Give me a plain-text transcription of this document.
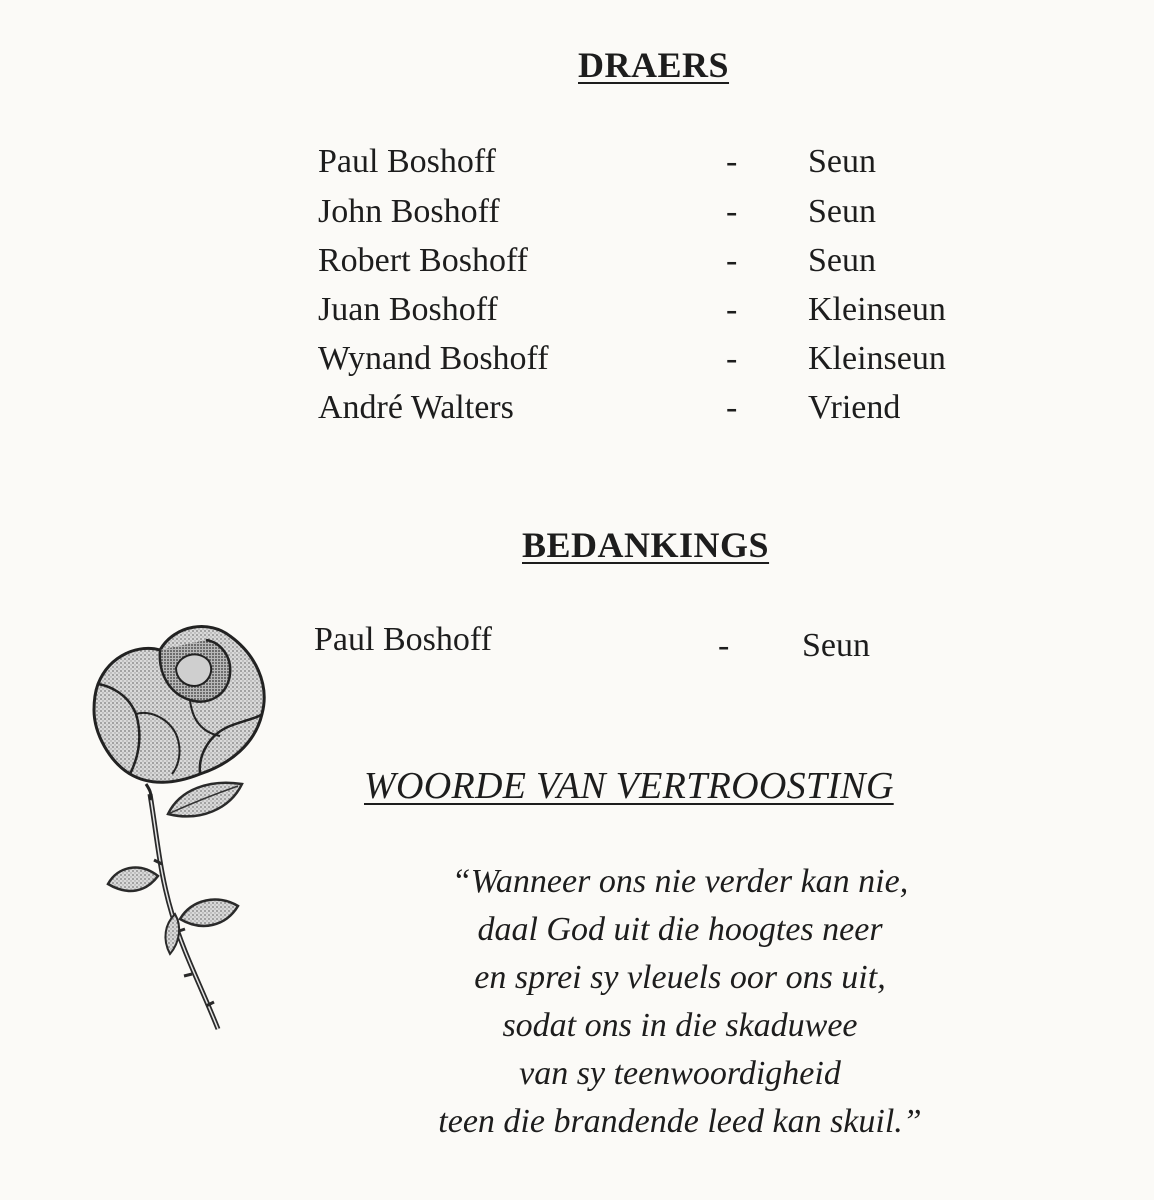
DRAERS
Paul Boshoff	- Seun
John Boshoff	- Seun
Robert Boshoff	- Seun
Juan Boshoff	- Kleinseun
Wynand Boshoff	- Kleinseun
André Walters	- Vriend
BEDANKINGS
Paul Boshoff	- Seun
WOORDE VAN VERTROOSTING
“Wanneer ons nie verder kan nie,
daal God uit die hoogtes neer
en sprei sy vleuels oor ons uit,
sodat ons in die skaduwee
van sy teenwoordigheid
teen die brandende leed kan skuil.”
